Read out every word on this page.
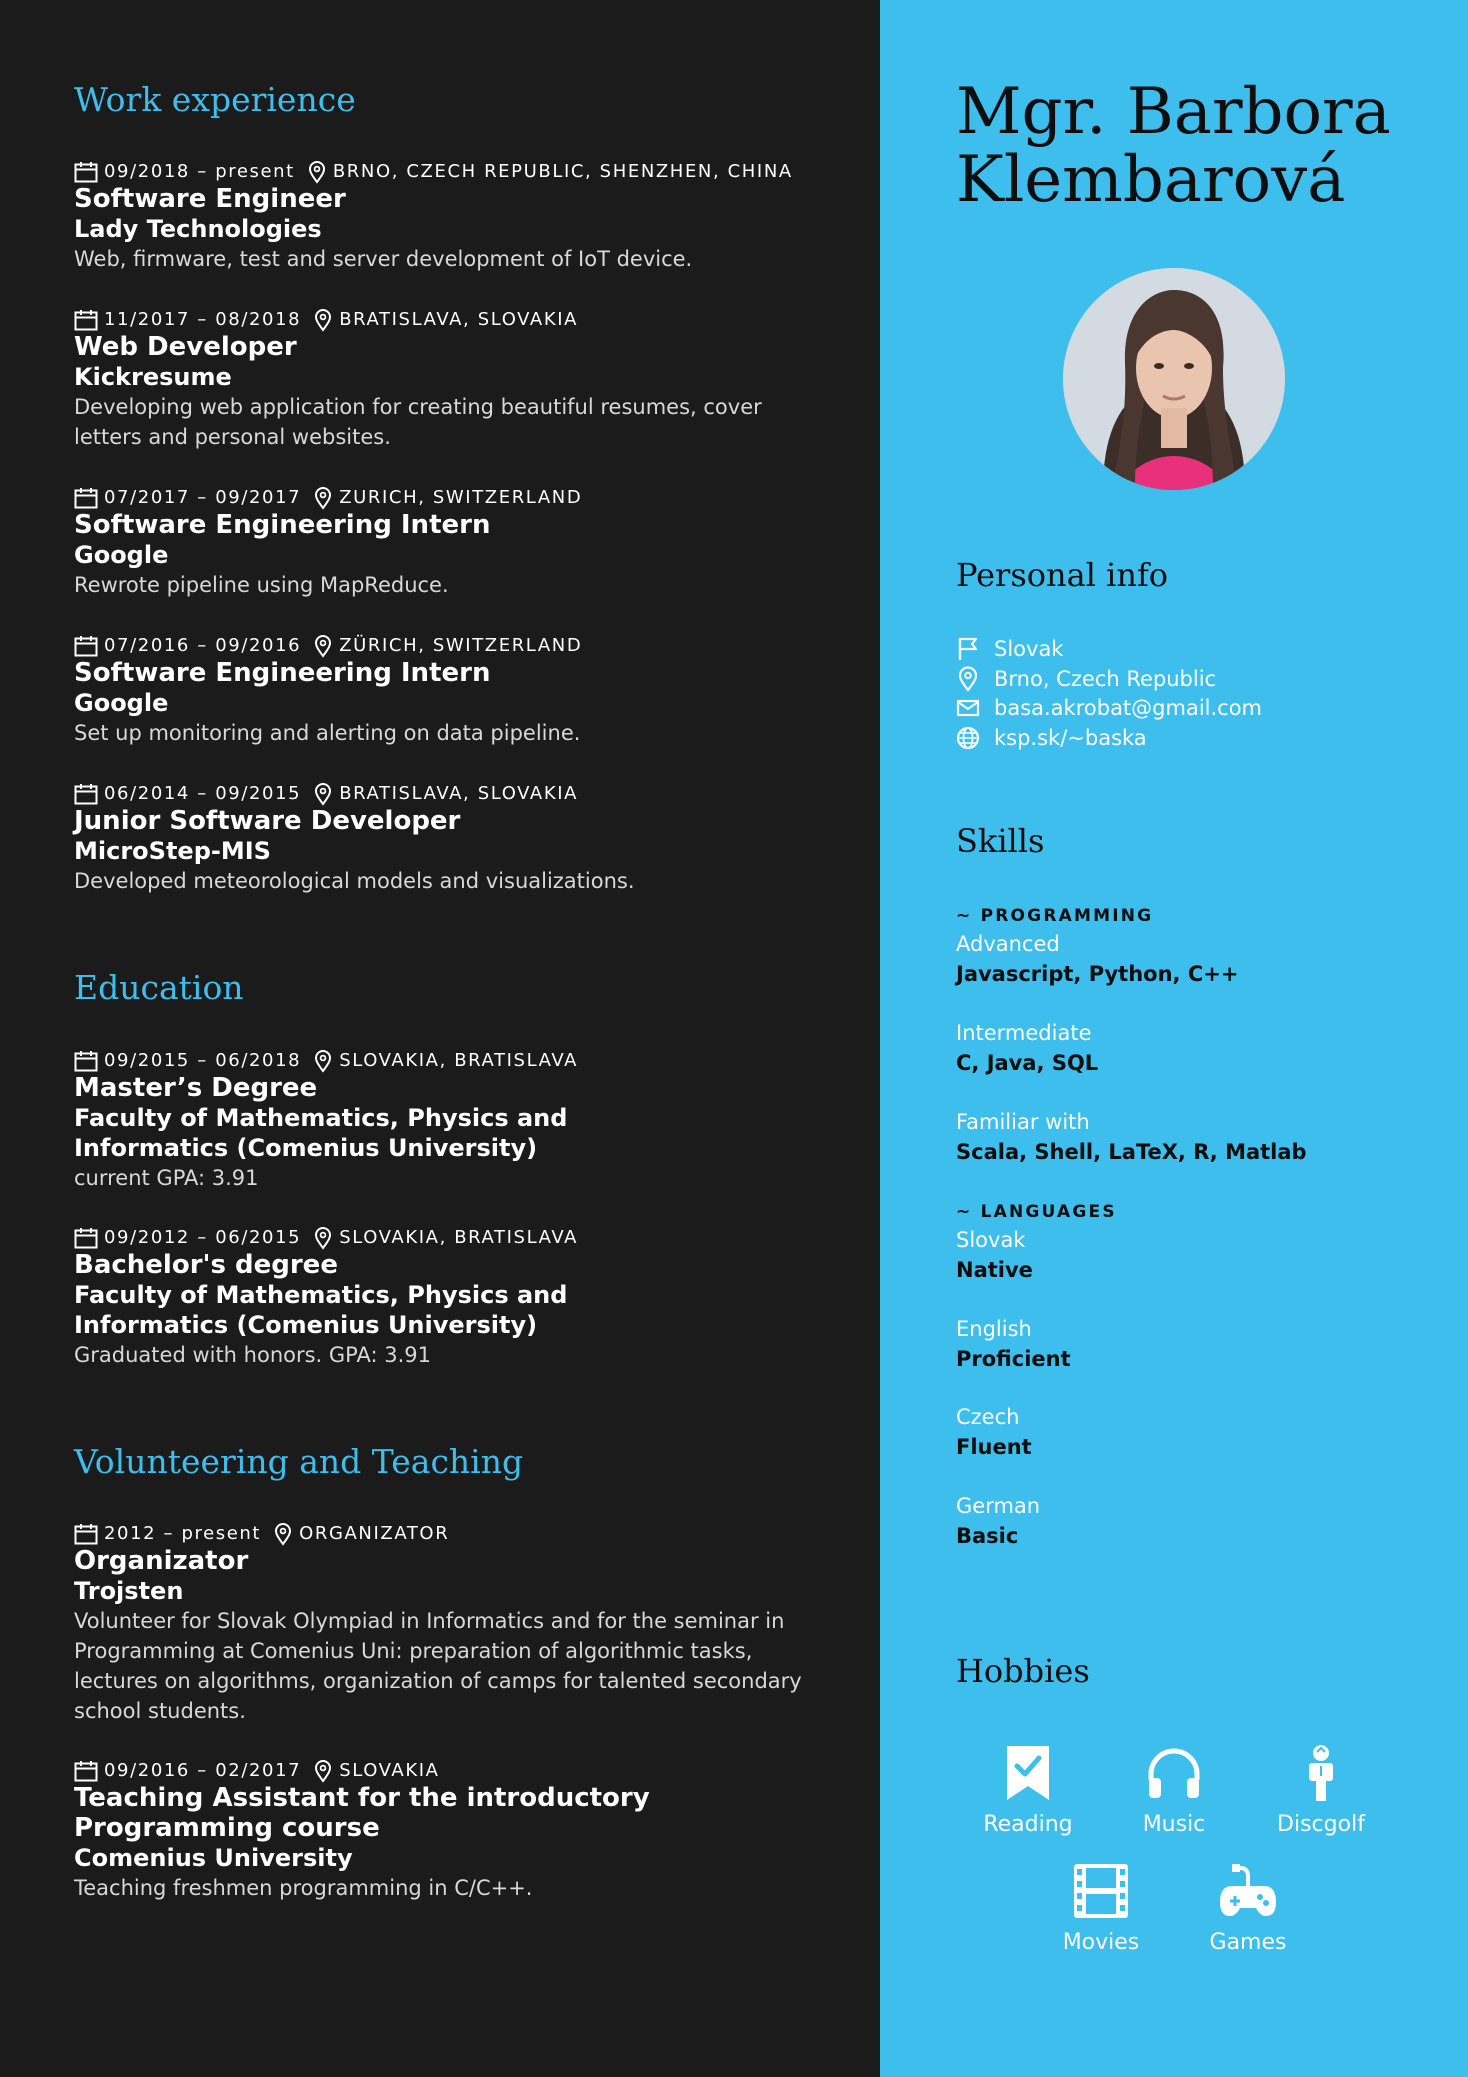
Work experience
09/2018 – present BRNO, CZECH REPUBLIC, SHENZHEN, CHINA
Software Engineer
Lady Technologies
Web, firmware, test and server development of IoT device.
11/2017 – 08/2018 BRATISLAVA, SLOVAKIA
Web Developer
Kickresume
Developing web application for creating beautiful resumes, cover letters and personal websites.
07/2017 – 09/2017 ZURICH, SWITZERLAND
Software Engineering Intern
Google
Rewrote pipeline using MapReduce.
07/2016 – 09/2016 ZÜRICH, SWITZERLAND
Software Engineering Intern
Google
Set up monitoring and alerting on data pipeline.
06/2014 – 09/2015 BRATISLAVA, SLOVAKIA
Junior Software Developer
MicroStep-MIS
Developed meteorological models and visualizations.
09/2015 – 06/2018 SLOVAKIA, BRATISLAVA
Master’s Degree
Faculty of Mathematics, Physics and Informatics (Comenius University)
current GPA: 3.91
09/2012 – 06/2015 SLOVAKIA, BRATISLAVA
Bachelor's degree
Faculty of Mathematics, Physics and Informatics (Comenius University)
Graduated with honors. GPA: 3.91
2012 – present ORGANIZATOR
Organizator
Trojsten
Volunteer for Slovak Olympiad in Informatics and for the seminar in Programming at Comenius Uni: preparation of algorithmic tasks, lectures on algorithms, organization of camps for talented secondary school students.
09/2016 – 02/2017 SLOVAKIA
Teaching Assistant for the introductory Programming course
Comenius University
Teaching freshmen programming in C/C++.
Education
Volunteering and Teaching
Mgr. Barbora
Klembarová
Personal info
Slovak
Brno, Czech Republic
basa.akrobat@gmail.com
ksp.sk/~baska
Skills
~ PROGRAMMING
Advanced
Javascript, Python, C++
Intermediate
C, Java, SQL
Familiar with
Scala, Shell, LaTeX, R, Matlab
~ LANGUAGES
Slovak
Native
English
Proficient
Czech
Fluent
German
Basic
Hobbies
Reading	Music	Discgolf
Movies	Games
